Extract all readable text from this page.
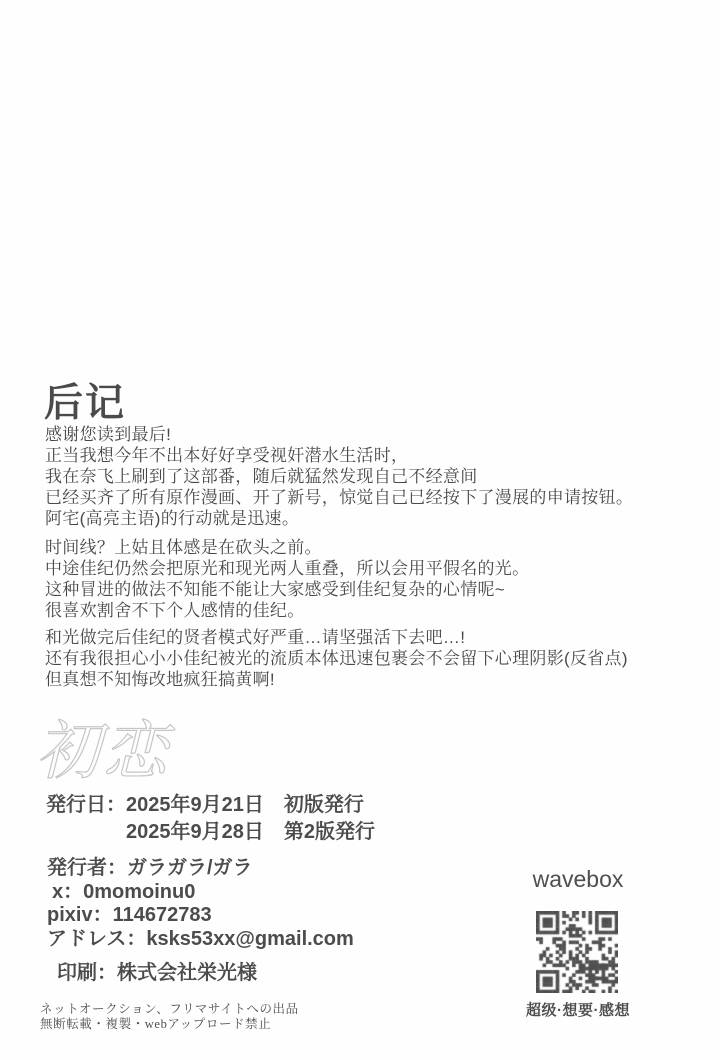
后记
感谢您读到最后!
正当我想今年不出本好好享受视奸潜水生活时，
我在奈飞上刷到了这部番，随后就猛然发现自己不经意间
已经买齐了所有原作漫画、开了新号，惊觉自己已经按下了漫展的申请按钮。
阿宅(高亮主语)的行动就是迅速。
时间线？上姑且体感是在砍头之前。
中途佳纪仍然会把原光和现光两人重叠，所以会用平假名的光。
这种冒进的做法不知能不能让大家感受到佳纪复杂的心情呢~
很喜欢割舍不下个人感情的佳纪。
和光做完后佳纪的贤者模式好严重…请坚强活下去吧…!
还有我很担心小小佳纪被光的流质本体迅速包裹会不会留下心理阴影(反省点)
但真想不知悔改地疯狂搞黄啊!
初恋
発行日： 2025年9月21日　初版発行
2025年9月28日　第2版発行
発行者：ガラガラ/ガラ
x：0momoinu0
pixiv：114672783
アドレス：ksks53xx@gmail.com
印刷：株式会社栄光様
wavebox
超级·想要·感想
ネットオークション、フリマサイトへの出品
無断転載・複製・webアップロード禁止
